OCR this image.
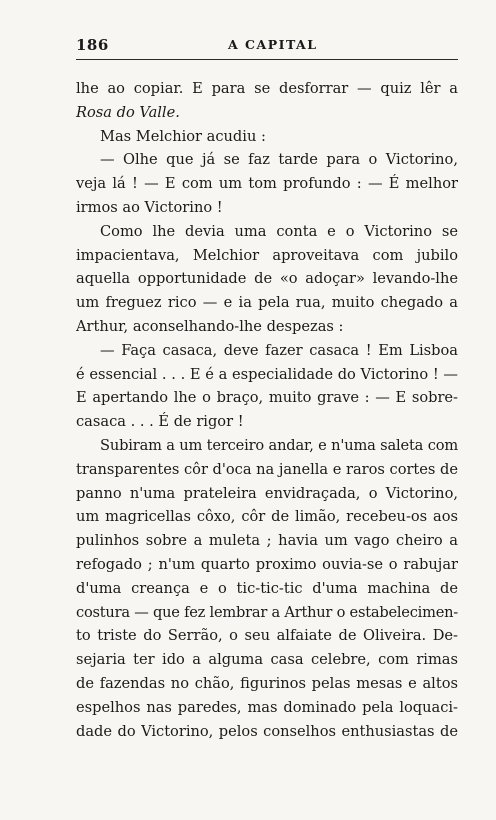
186	A CAPITAL
lhe ao copiar. E para se desforrar — quiz lêr a
Rosa do Valle.
Mas Melchior acudiu :
— Olhe que já se faz tarde para o Victorino,
veja lá ! — E com um tom profundo : — É melhor
irmos ao Victorino !
Como lhe devia uma conta e o Victorino se
impacientava, Melchior aproveitava com jubilo
aquella opportunidade de «o adoçar» levando-lhe
um freguez rico — e ia pela rua, muito chegado a
Arthur, aconselhando-lhe despezas :
— Faça casaca, deve fazer casaca ! Em Lisboa
é essencial . . . E é a especialidade do Victorino ! —
E apertando lhe o braço, muito grave : — E sobre-
casaca . . . É de rigor !
Subiram a um terceiro andar, e n'uma saleta com
transparentes côr d'oca na janella e raros cortes de
panno n'uma prateleira envidraçada, o Victorino,
um magricellas côxo, côr de limão, recebeu-os aos
pulinhos sobre a muleta ; havia um vago cheiro a
refogado ; n'um quarto proximo ouvia-se o rabujar
d'uma creança e o tic-tic-tic d'uma machina de
costura — que fez lembrar a Arthur o estabelecimen-
to triste do Serrão, o seu alfaiate de Oliveira. De-
sejaria ter ido a alguma casa celebre, com rimas
de fazendas no chão, figurinos pelas mesas e altos
espelhos nas paredes, mas dominado pela loquaci-
dade do Victorino, pelos conselhos enthusiastas de
